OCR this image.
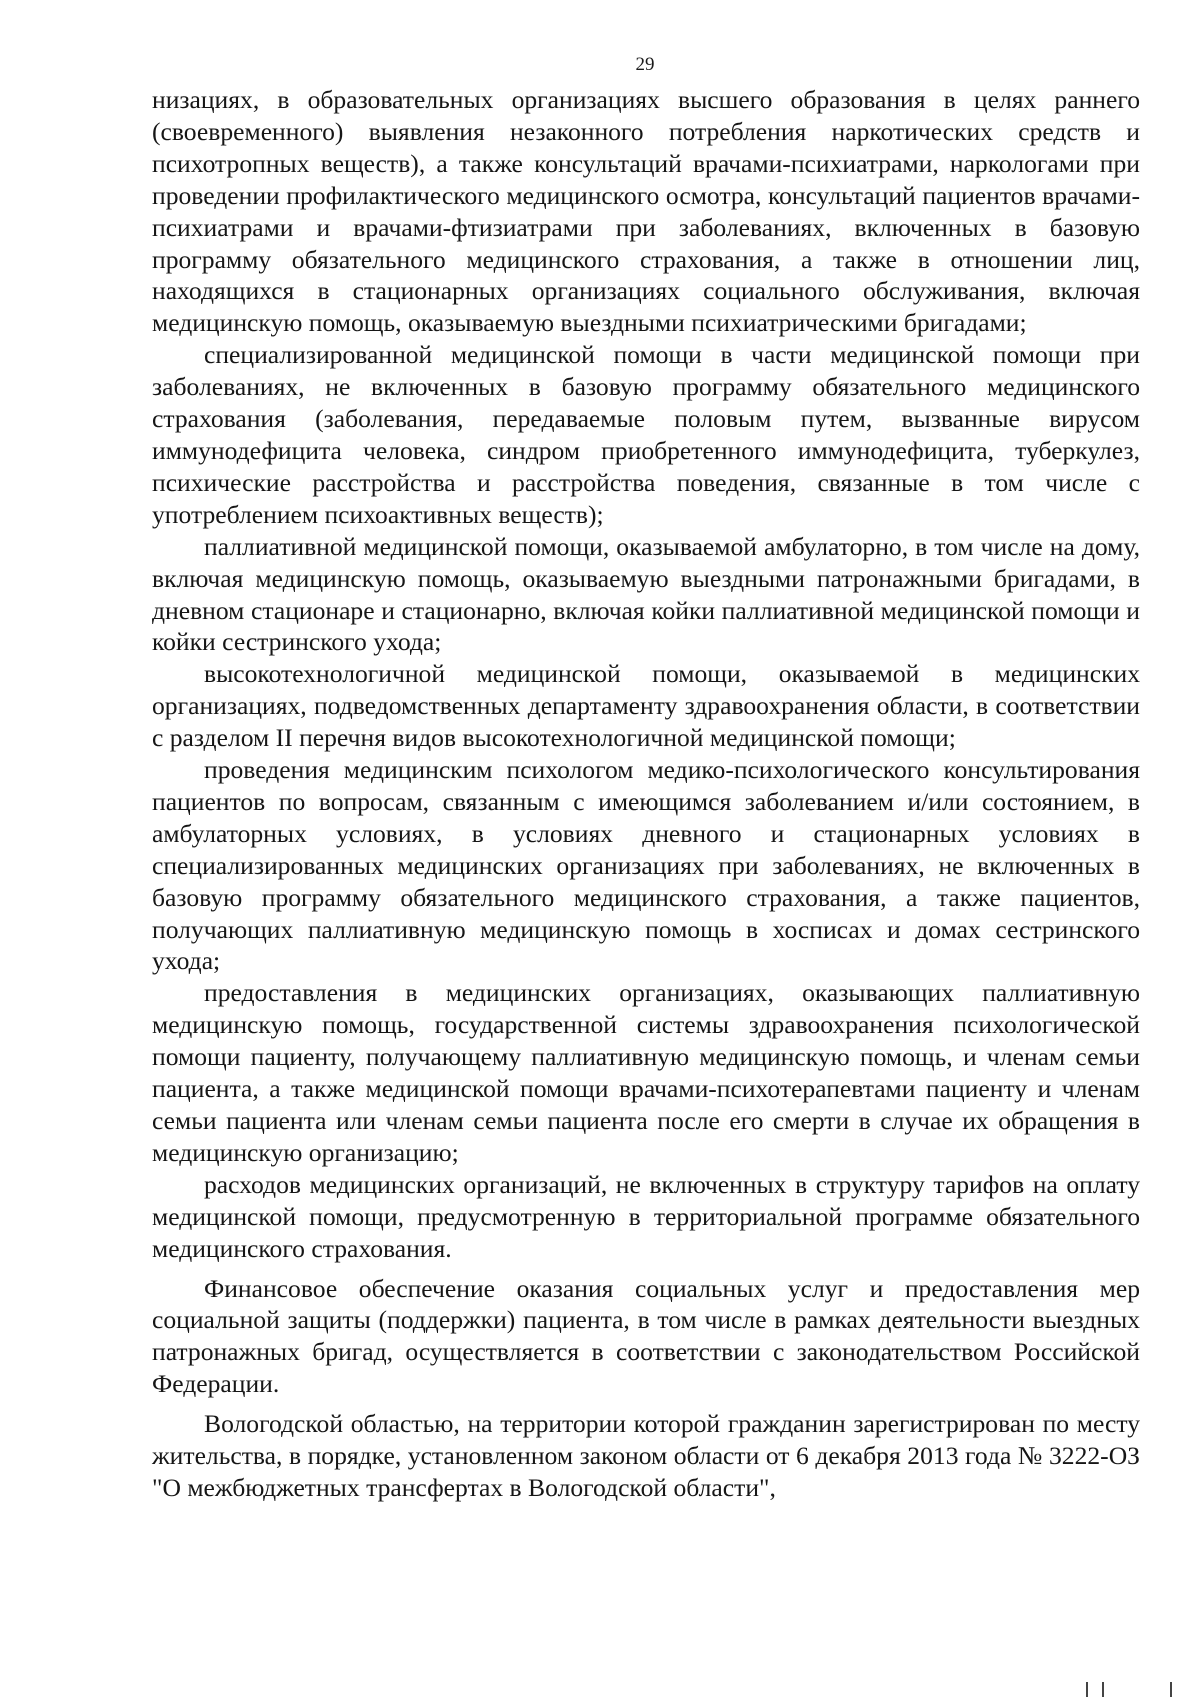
29

низациях, в образовательных организациях высшего образования в целях раннего (своевременного) выявления незаконного потребления наркотических средств и психотропных веществ), а также консультаций врачами-психиатрами, наркологами при проведении профилактического медицинского осмотра, консультаций пациентов врачами-психиатрами и врачами-фтизиатрами при заболеваниях, включенных в базовую программу обязательного медицинского страхования, а также в отношении лиц, находящихся в стационарных организациях социального обслуживания, включая медицинскую помощь, оказываемую выездными психиатрическими бригадами;

специализированной медицинской помощи в части медицинской помощи при заболеваниях, не включенных в базовую программу обязательного медицинского страхования (заболевания, передаваемые половым путем, вызванные вирусом иммунодефицита человека, синдром приобретенного иммунодефицита, туберкулез, психические расстройства и расстройства поведения, связанные в том числе с употреблением психоактивных веществ);

паллиативной медицинской помощи, оказываемой амбулаторно, в том числе на дому, включая медицинскую помощь, оказываемую выездными патронажными бригадами, в дневном стационаре и стационарно, включая койки паллиативной медицинской помощи и койки сестринского ухода;

высокотехнологичной медицинской помощи, оказываемой в медицинских организациях, подведомственных департаменту здравоохранения области, в соответствии с разделом II перечня видов высокотехнологичной медицинской помощи;

проведения медицинским психологом медико-психологического консультирования пациентов по вопросам, связанным с имеющимся заболеванием и/или состоянием, в амбулаторных условиях, в условиях дневного и стационарных условиях в специализированных медицинских организациях при заболеваниях, не включенных в базовую программу обязательного медицинского страхования, а также пациентов, получающих паллиативную медицинскую помощь в хосписах и домах сестринского ухода;

предоставления в медицинских организациях, оказывающих паллиативную медицинскую помощь, государственной системы здравоохранения психологической помощи пациенту, получающему паллиативную медицинскую помощь, и членам семьи пациента, а также медицинской помощи врачами-психотерапевтами пациенту и членам семьи пациента или членам семьи пациента после его смерти в случае их обращения в медицинскую организацию;

расходов медицинских организаций, не включенных в структуру тарифов на оплату медицинской помощи, предусмотренную в территориальной программе обязательного медицинского страхования.

Финансовое обеспечение оказания социальных услуг и предоставления мер социальной защиты (поддержки) пациента, в том числе в рамках деятельности выездных патронажных бригад, осуществляется в соответствии с законодательством Российской Федерации.

Вологодской областью, на территории которой гражданин зарегистрирован по месту жительства, в порядке, установленном законом области от 6 декабря 2013 года № 3222-ОЗ "О межбюджетных трансфертах в Вологодской области",
